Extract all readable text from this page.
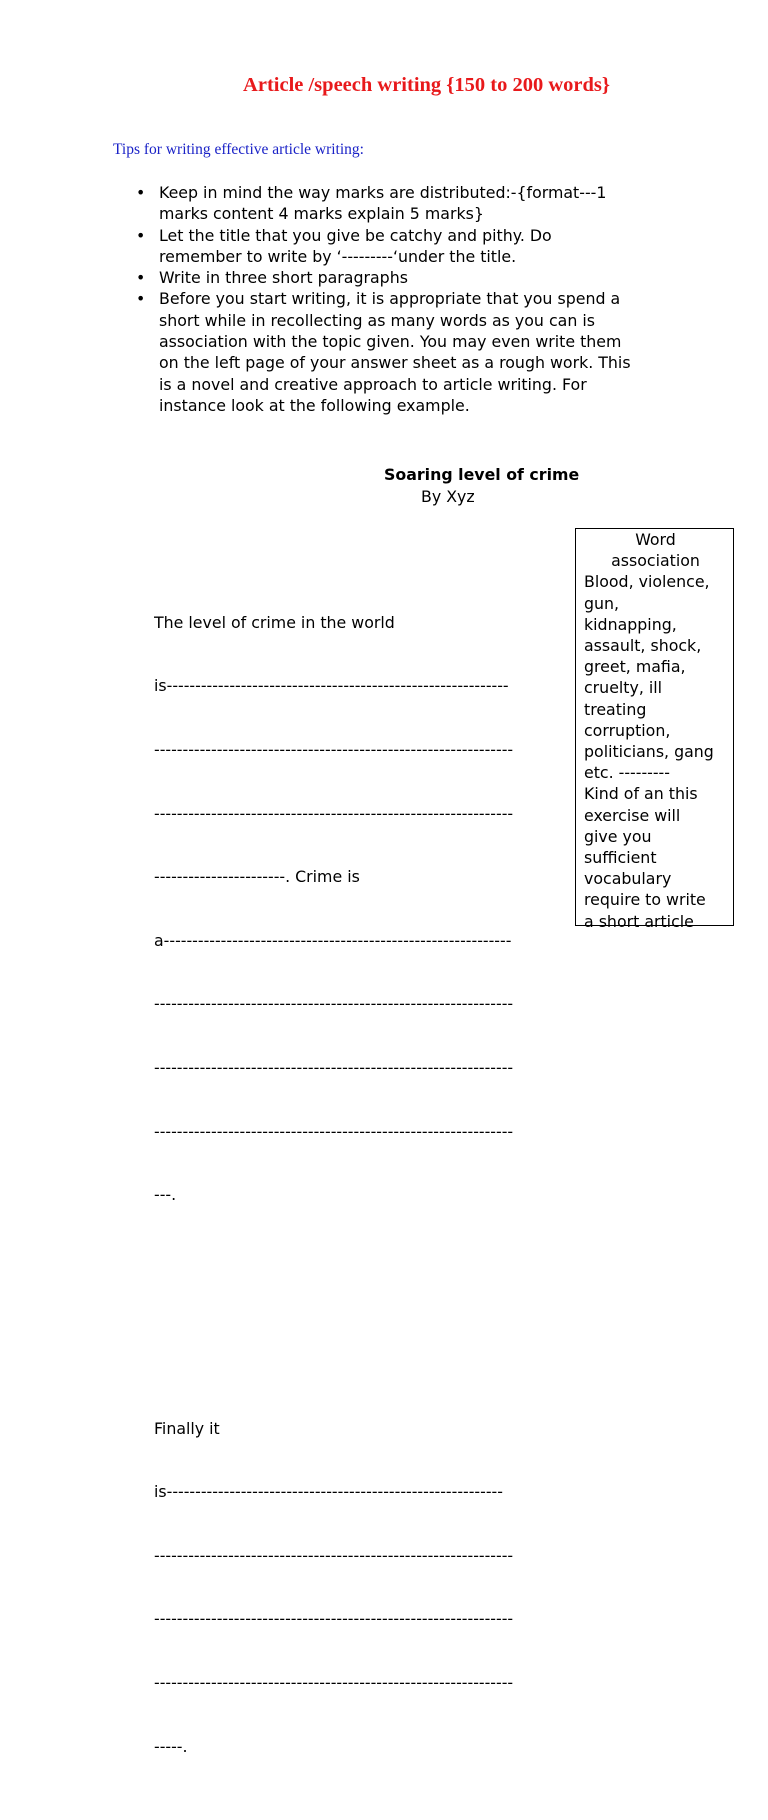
Article /speech writing {150 to 200 words}

Tips for writing effective article writing:

• Keep in mind the way marks are distributed:-{format---1
marks content 4 marks explain 5 marks}
• Let the title that you give be catchy and pithy. Do
remember to write by ‘---------‘under the title.
• Write in three short paragraphs
• Before you start writing, it is appropriate that you spend a
short while in recollecting as many words as you can is
association with the topic given. You may even write them
on the left page of your answer sheet as a rough work. This
is a novel and creative approach to article writing. For
instance look at the following example.
Soaring level of crime
By Xyz

The level of crime in the world

is------------------------------------------------------------

---------------------------------------------------------------

---------------------------------------------------------------

-----------------------. Crime is

a-------------------------------------------------------------

---------------------------------------------------------------

---------------------------------------------------------------

---------------------------------------------------------------

---.

Finally it

is-----------------------------------------------------------

---------------------------------------------------------------

---------------------------------------------------------------

---------------------------------------------------------------

-----.

Word
association
Blood, violence,
gun,
kidnapping,
assault, shock,
greet, mafia,
cruelty, ill
treating
corruption,
politicians, gang
etc. ---------
Kind of an this
exercise will
give you
sufficient
vocabulary
require to write
a short article
